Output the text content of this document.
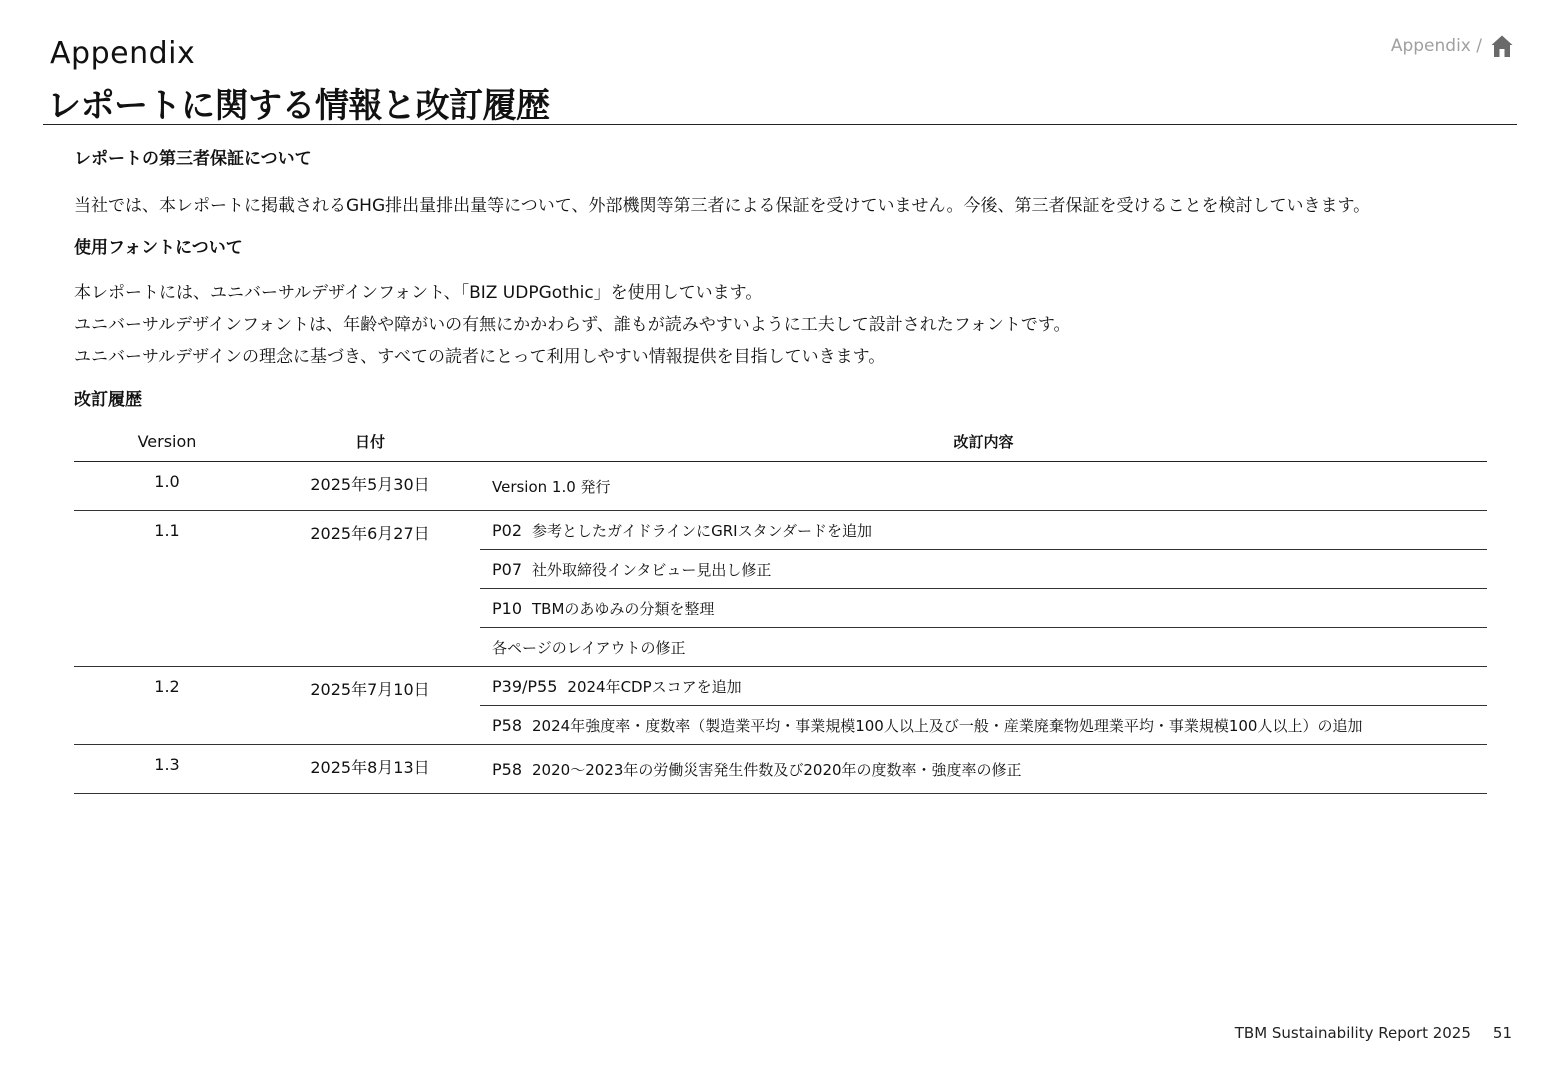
Appendix
レポートに関する情報と改訂履歴
Appendix /

レポートの第三者保証について

当社では、本レポートに掲載されるGHG排出量排出量等について、外部機関等第三者による保証を受けていません。今後、第三者保証を受けることを検討していきます。

使用フォントについて

本レポートには、ユニバーサルデザインフォント、「BIZ UDPGothic」を使用しています。

ユニバーサルデザインフォントは、年齢や障がいの有無にかかわらず、誰もが読みやすいように工夫して設計されたフォントです。

ユニバーサルデザインの理念に基づき、すべての読者にとって利用しやすい情報提供を目指していきます。

改訂履歴

Version	日付	改訂内容
1.0	2025年5月30日	Version 1.0 発行
1.1	2025年6月27日	P02 参考としたガイドラインにGRIスタンダードを追加
		P07 社外取締役インタビュー見出し修正
		P10 TBMのあゆみの分類を整理
		各ページのレイアウトの修正
1.2	2025年7月10日	P39/P55 2024年CDPスコアを追加
		P58 2024年強度率・度数率（製造業平均・事業規模100人以上及び一般・産業廃棄物処理業平均・事業規模100人以上）の追加
1.3	2025年8月13日	P58 2020～2023年の労働災害発生件数及び2020年の度数率・強度率の修正
TBM Sustainability Report 2025 51
